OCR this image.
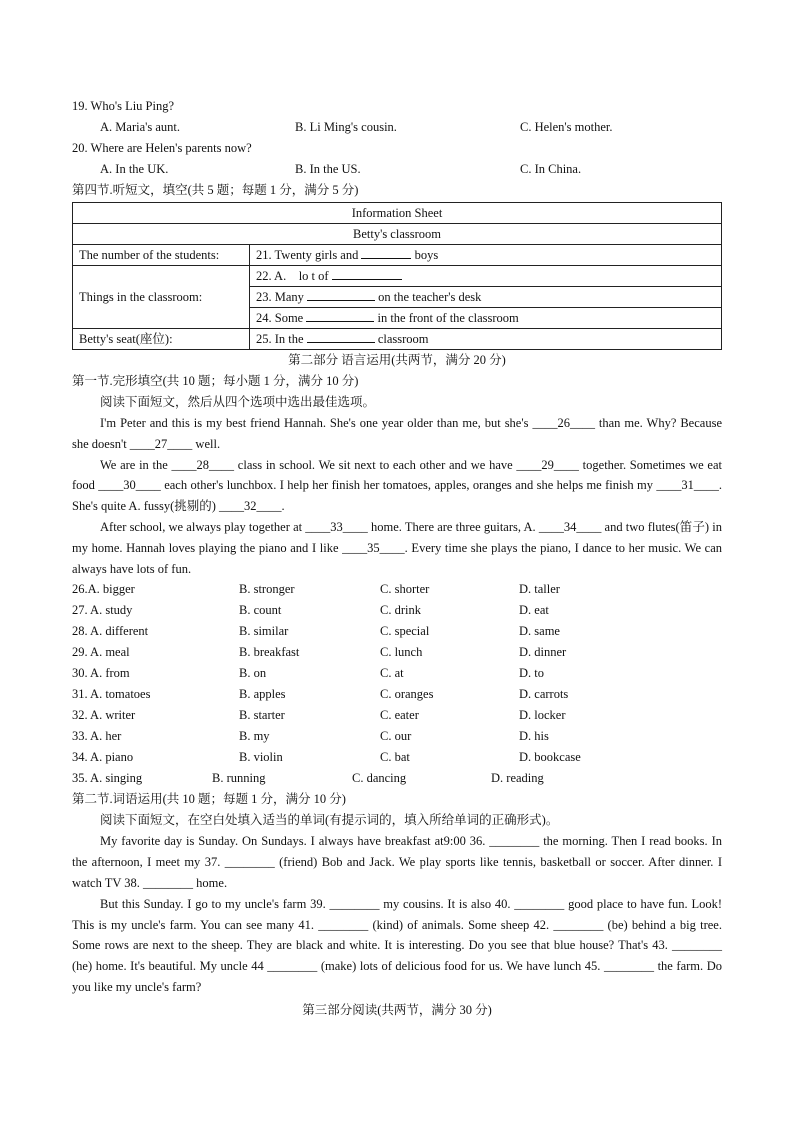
19. Who's Liu Ping?
A. Maria's aunt.	B. Li Ming's cousin.	C. Helen's mother.
20. Where are Helen's parents now?
A. In the UK.	B. In the US.	C. In China.
第四节.听短文，填空(共 5 题；每题 1 分，满分 5 分)
Information Sheet	
Betty's classroom	
The number of the students:	21. Twenty girls and boys
Things in the classroom:	22. A.    lo t of
	23. Many on the teacher's desk
	24. Some in the front of the classroom
Betty's seat(座位):	25. In the classroom
第二部分 语言运用(共两节，满分 20 分)
第一节.完形填空(共 10 题；每小题 1 分，满分 10 分)
阅读下面短文，然后从四个选项中选出最佳选项。

I'm Peter and this is my best friend Hannah. She's one year older than me, but she's ____26____ than me. Why? Because she doesn't ____27____ well.

We are in the ____28____ class in school. We sit next to each other and we have ____29____ together. Sometimes we eat food ____30____ each other's lunchbox. I help her finish her tomatoes, apples, oranges and she helps me finish my ____31____. She's quite A. fussy(挑剔的) ____32____.

After school, we always play together at ____33____ home. There are three guitars, A. ____34____ and two flutes(笛子) in my home. Hannah loves playing the piano and I like ____35____. Every time she plays the piano, I dance to her music. We can always have lots of fun.

26.A. bigger	B. stronger	C. shorter	D. taller
27. A. study	B. count	C. drink	D. eat
28. A. different	B. similar	C. special	D. same
29. A. meal	B. breakfast	C. lunch	D. dinner
30. A. from	B. on	C. at	D. to
31. A. tomatoes	B. apples	C. oranges	D. carrots
32. A. writer	B. starter	C. eater	D. locker
33. A. her	B. my	C. our	D. his
34. A. piano	B. violin	C. bat	D. bookcase
35. A. singing	B. running	C. dancing	D. reading
第二节.词语运用(共 10 题；每题 1 分，满分 10 分)
阅读下面短文，在空白处填入适当的单词(有提示词的，填入所给单词的正确形式)。

My favorite day is Sunday. On Sundays. I always have breakfast at9:00 36. ________ the morning. Then I read books. In the afternoon, I meet my 37. ________ (friend) Bob and Jack. We play sports like tennis, basketball or soccer. After dinner. I watch TV 38. ________ home.

But this Sunday. I go to my uncle's farm 39. ________ my cousins. It is also 40. ________ good place to have fun. Look! This is my uncle's farm. You can see many 41. ________ (kind) of animals. Some sheep 42. ________ (be) behind a big tree. Some rows are next to the sheep. They are black and white. It is interesting. Do you see that blue house? That's 43. ________ (he) home. It's beautiful. My uncle 44 ________ (make) lots of delicious food for us. We have lunch 45. ________ the farm. Do you like my uncle's farm?

第三部分阅读(共两节，满分 30 分)
